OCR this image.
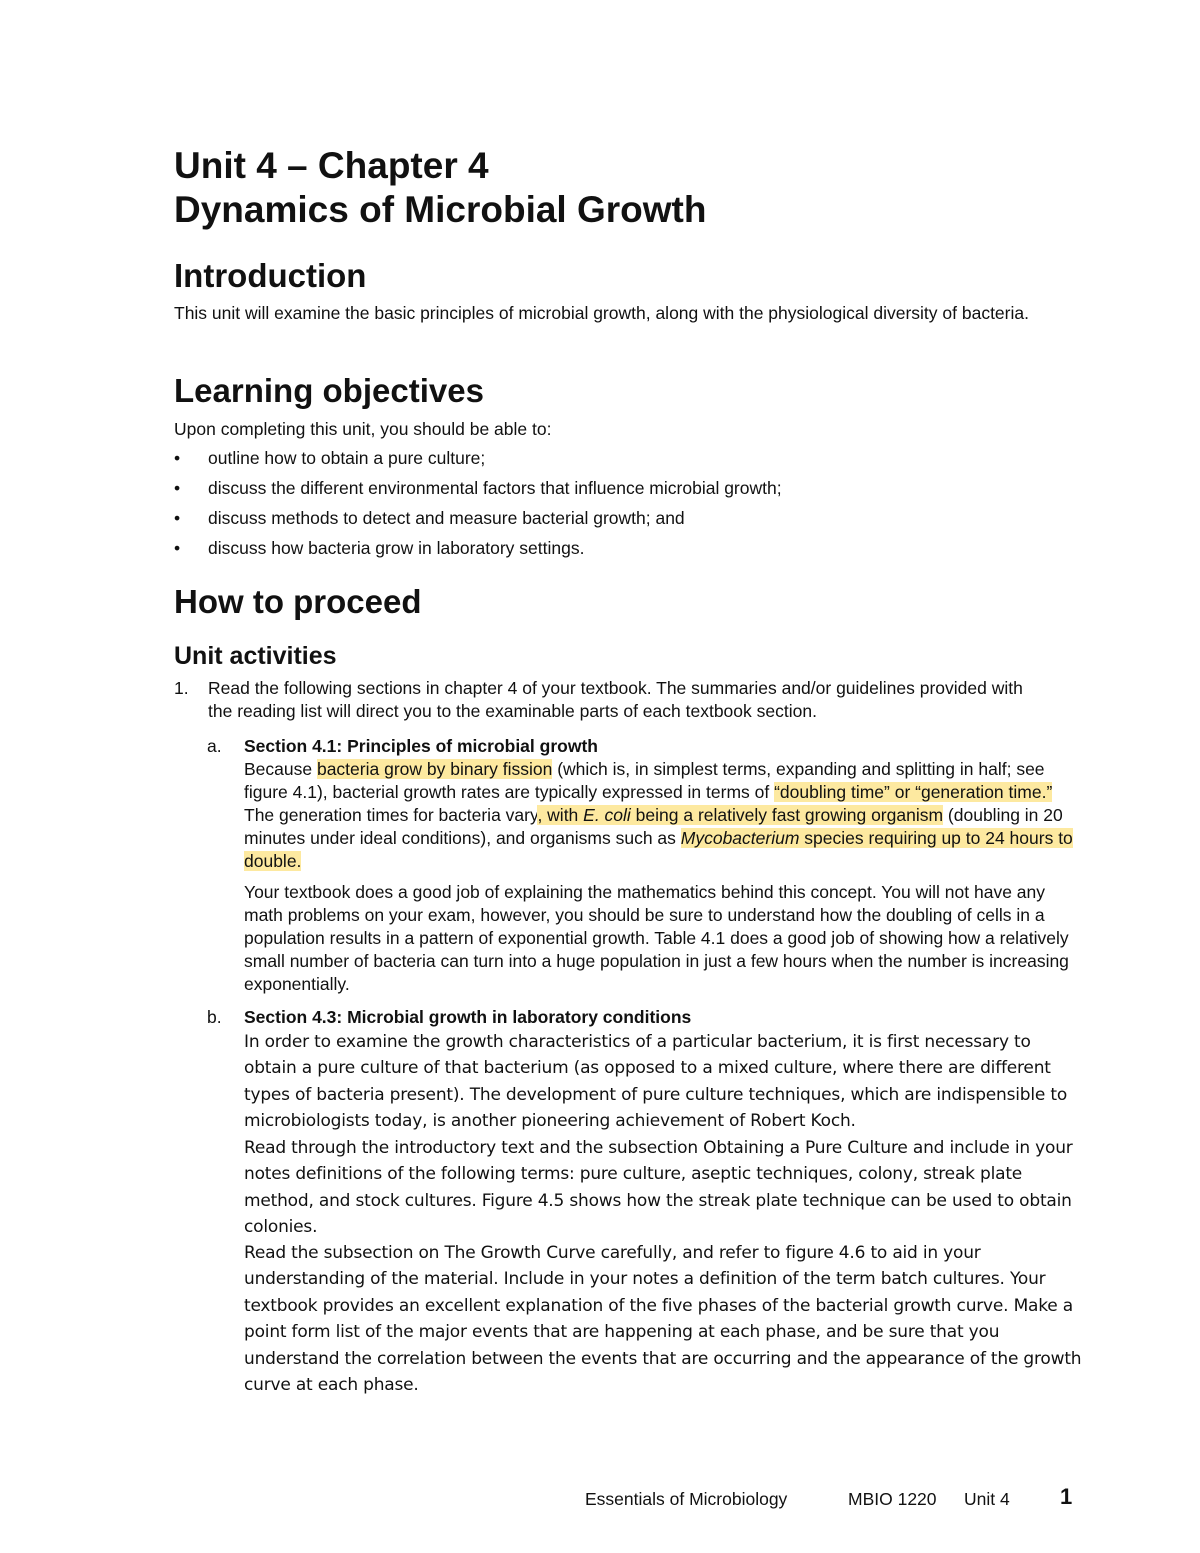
Unit 4 – Chapter 4
Dynamics of Microbial Growth
Introduction

This unit will examine the basic principles of microbial growth, along with the physiological diversity of bacteria.

Learning objectives
Upon completing this unit, you should be able to:
• outline how to obtain a pure culture;
• discuss the different environmental factors that influence microbial growth;
• discuss methods to detect and measure bacterial growth; and
• discuss how bacteria grow in laboratory settings.
How to proceed
Unit activities
1. Read the following sections in chapter 4 of your textbook. The summaries and/or guidelines provided with the reading list will direct you to the examinable parts of each textbook section.

a. Section 4.1: Principles of microbial growth

Because bacteria grow by binary fission (which is, in simplest terms, expanding and splitting in half; see figure 4.1), bacterial growth rates are typically expressed in terms of “doubling time” or “generation time.” The generation times for bacteria vary, with E. coli being a relatively fast growing organism (doubling in 20 minutes under ideal conditions), and organisms such as Mycobacterium species requiring up to 24 hours to double.

Your textbook does a good job of explaining the mathematics behind this concept. You will not have any math problems on your exam, however, you should be sure to understand how the doubling of cells in a population results in a pattern of exponential growth. Table 4.1 does a good job of showing how a relatively small number of bacteria can turn into a huge population in just a few hours when the number is increasing exponentially.

b. Section 4.3: Microbial growth in laboratory conditions

In order to examine the growth characteristics of a particular bacterium, it is first necessary to obtain a pure culture of that bacterium (as opposed to a mixed culture, where there are different types of bacteria present). The development of pure culture techniques, which are indispensible to microbiologists today, is another pioneering achievement of Robert Koch.

Read through the introductory text and the subsection Obtaining a Pure Culture and include in your notes definitions of the following terms: pure culture, aseptic techniques, colony, streak plate method, and stock cultures. Figure 4.5 shows how the streak plate technique can be used to obtain colonies.

Read the subsection on The Growth Curve carefully, and refer to figure 4.6 to aid in your understanding of the material. Include in your notes a definition of the term batch cultures. Your textbook provides an excellent explanation of the five phases of the bacterial growth curve. Make a point form list of the major events that are happening at each phase, and be sure that you understand the correlation between the events that are occurring and the appearance of the growth curve at each phase.

Essentials of Microbiology	MBIO 1220 Unit 4 1
